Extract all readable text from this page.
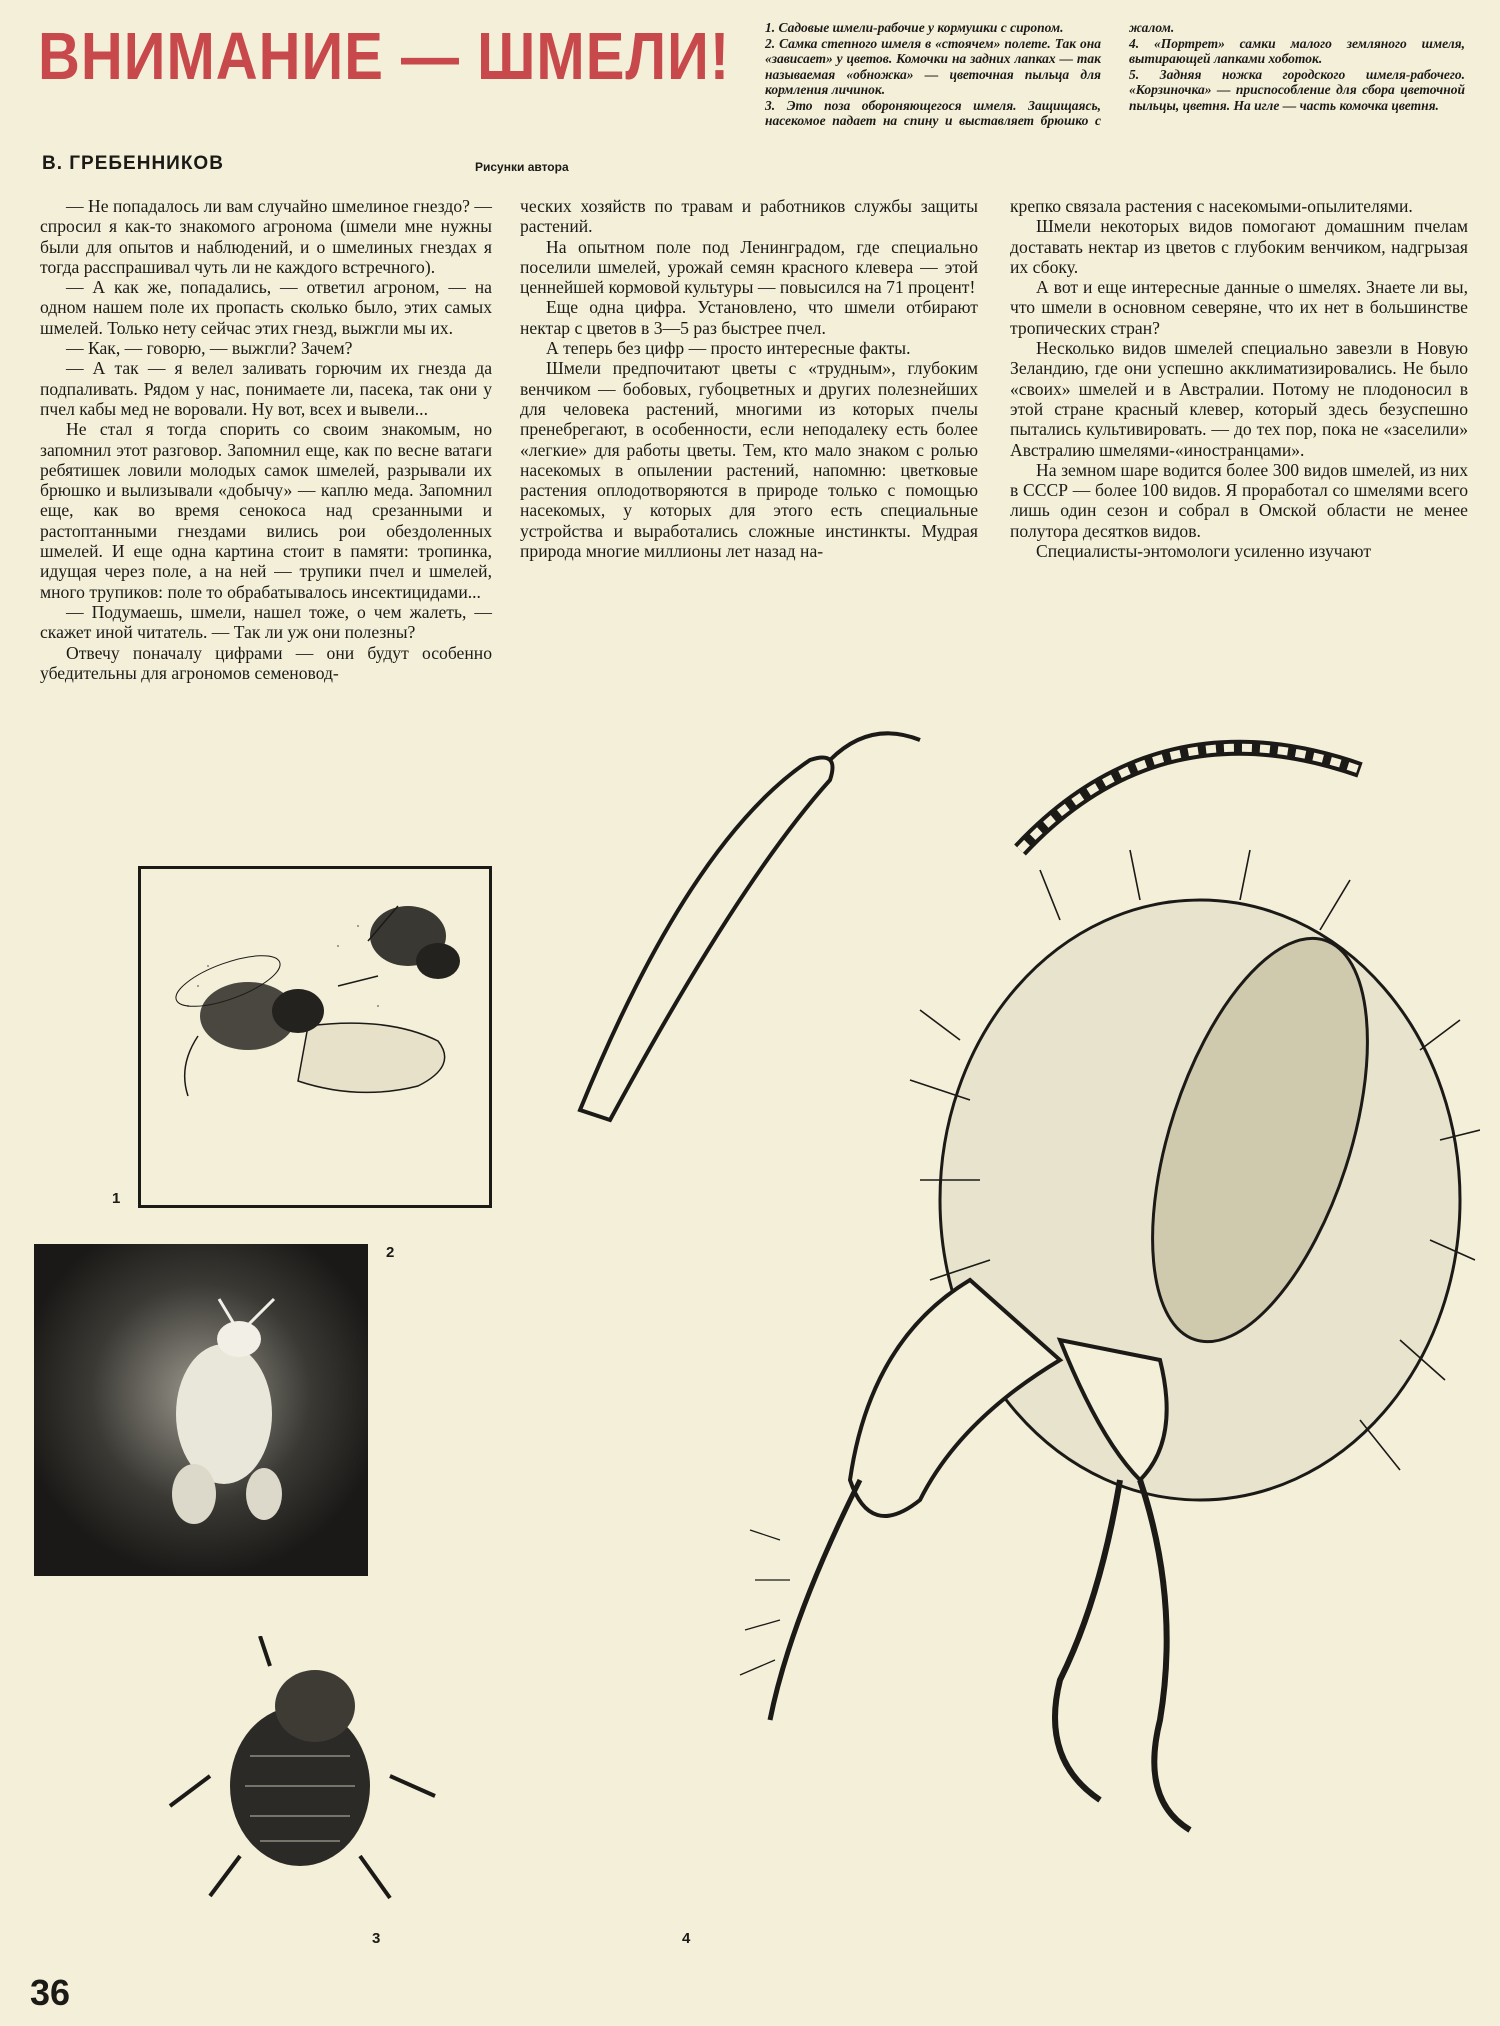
ВНИМАНИЕ — ШМЕЛИ!	1. Садовые шмели-рабочие у кормушки с сиропом.

2. Самка степного шмеля в «стоячем» полете. Так она «зависает» у цветов. Комочки на задних лапках — так называемая «обножка» — цветочная пыльца для кормления личинок.

3. Это поза обороняющегося шмеля. Защищаясь, насекомое падает на спину и выставляет брюшко с жалом.

4. «Портрет» самки малого земляного шмеля, вытирающей лапками хоботок.

5. Задняя ножка городского шмеля-рабочего. «Корзиночка» — приспособление для сбора цветочной пыльцы, цветня. На игле — часть комочка цветня.

В. ГРЕБЕННИКОВ	Рисунки автора

— Не попадалось ли вам случайно шмелиное гнездо? — спросил я как-то знакомого агронома (шмели мне нужны были для опытов и наблюдений, и о шмелиных гнездах я тогда расспрашивал чуть ли не каждого встречного).

— А как же, попадались, — ответил агроном, — на одном нашем поле их пропасть сколько было, этих самых шмелей. Только нету сейчас этих гнезд, выжгли мы их.

— Как, — говорю, — выжгли? Зачем?

— А так — я велел заливать горючим их гнезда да подпаливать. Рядом у нас, понимаете ли, пасека, так они у пчел кабы мед не воровали. Ну вот, всех и вывели...

Не стал я тогда спорить со своим знакомым, но запомнил этот разговор. Запомнил еще, как по весне ватаги ребятишек ловили молодых самок шмелей, разрывали их брюшко и вылизывали «добычу» — каплю меда. Запомнил еще, как во время сенокоса над срезанными и растоптанными гнездами вились рои обездоленных шмелей. И еще одна картина стоит в памяти: тропинка, идущая через поле, а на ней — трупики пчел и шмелей, много трупиков: поле то обрабатывалось инсектицидами...

— Подумаешь, шмели, нашел тоже, о чем жалеть, — скажет иной читатель. — Так ли уж они полезны?

Отвечу поначалу цифрами — они будут особенно убедительны для агрономов семеновод-

ческих хозяйств по травам и работников службы защиты растений.

На опытном поле под Ленинградом, где специально поселили шмелей, урожай семян красного клевера — этой ценнейшей кормовой культуры — повысился на 71 процент!

Еще одна цифра. Установлено, что шмели отбирают нектар с цветов в 3—5 раз быстрее пчел.

А теперь без цифр — просто интересные факты.

Шмели предпочитают цветы с «трудным», глубоким венчиком — бобовых, губоцветных и других полезнейших для человека растений, многими из которых пчелы пренебрегают, в особенности, если неподалеку есть более «легкие» для работы цветы. Тем, кто мало знаком с ролью насекомых в опылении растений, напомню: цветковые растения оплодотворяются в природе только с помощью насекомых, у которых для этого есть специальные устройства и выработались сложные инстинкты. Мудрая природа многие миллионы лет назад на-

крепко связала растения с насекомыми-опылителями.

Шмели некоторых видов помогают домашним пчелам доставать нектар из цветов с глубоким венчиком, надгрызая их сбоку.

А вот и еще интересные данные о шмелях. Знаете ли вы, что шмели в основном северяне, что их нет в большинстве тропических стран?

Несколько видов шмелей специально завезли в Новую Зеландию, где они успешно акклиматизировались. Не было «своих» шмелей и в Австралии. Потому не плодоносил в этой стране красный клевер, который здесь безуспешно пытались культивировать. — до тех пор, пока не «заселили» Австралию шмелями-«иностранцами».

На земном шаре водится более 300 видов шмелей, из них в СССР — более 100 видов. Я проработал со шмелями всего лишь один сезон и собрал в Омской области не менее полутора десятков видов.

Специалисты-энтомологи усиленно изучают

1
2
3	4
36
